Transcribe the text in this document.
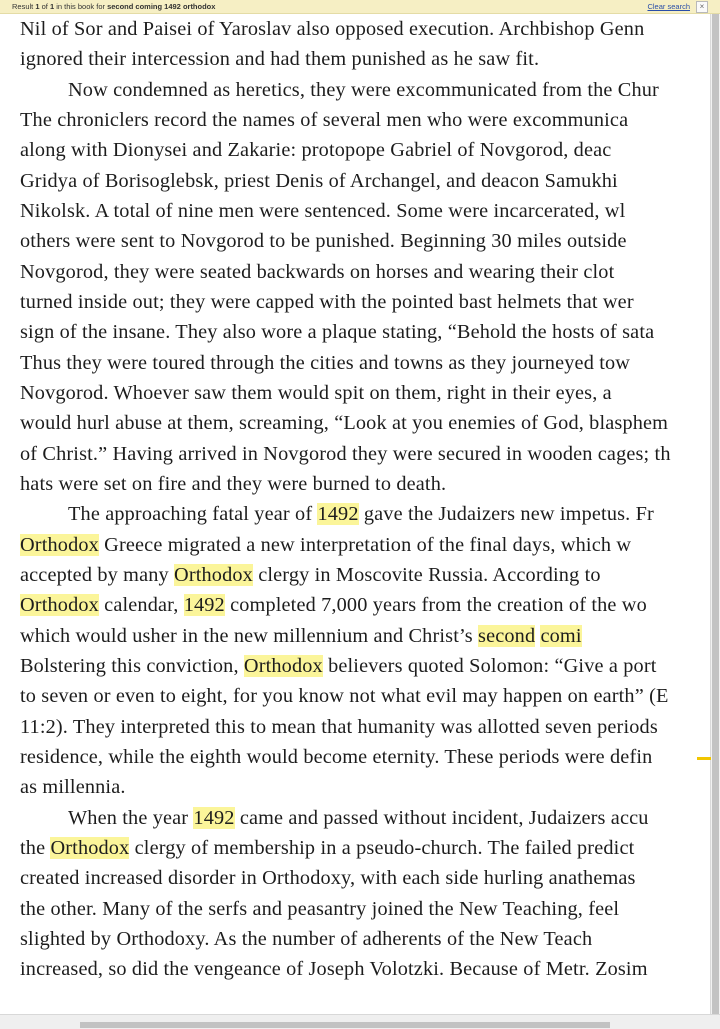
Result 1 of 1 in this book for second coming 1492 orthodox	Clear search	×
Nil of Sor and Paisei of Yaroslav also opposed execution. Archbishop Genn
ignored their intercession and had them punished as he saw fit.
Now condemned as heretics, they were excommunicated from the Chur
The chroniclers record the names of several men who were excommunica
along with Dionysei and Zakarie: protopope Gabriel of Novgorod, deac
Gridya of Borisoglebsk, priest Denis of Archangel, and deacon Samukhi
Nikolsk. A total of nine men were sentenced. Some were incarcerated, wl
others were sent to Novgorod to be punished. Beginning 30 miles outside
Novgorod, they were seated backwards on horses and wearing their clot
turned inside out; they were capped with the pointed bast helmets that wer
sign of the insane. They also wore a plaque stating, “Behold the hosts of sata
Thus they were toured through the cities and towns as they journeyed tow
Novgorod. Whoever saw them would spit on them, right in their eyes, a
would hurl abuse at them, screaming, “Look at you enemies of God, blasphem
of Christ.” Having arrived in Novgorod they were secured in wooden cages; th
hats were set on fire and they were burned to death.
The approaching fatal year of 1492 gave the Judaizers new impetus. Fr
Orthodox Greece migrated a new interpretation of the final days, which w
accepted by many Orthodox clergy in Moscovite Russia. According to
Orthodox calendar, 1492 completed 7,000 years from the creation of the wo
which would usher in the new millennium and Christ’s second comi
Bolstering this conviction, Orthodox believers quoted Solomon: “Give a port
to seven or even to eight, for you know not what evil may happen on earth” (E
11:2). They interpreted this to mean that humanity was allotted seven periods
residence, while the eighth would become eternity. These periods were defin
as millennia.
When the year 1492 came and passed without incident, Judaizers accu
the Orthodox clergy of membership in a pseudo-church. The failed predict
created increased disorder in Orthodoxy, with each side hurling anathemas
the other. Many of the serfs and peasantry joined the New Teaching, feel
slighted by Orthodoxy. As the number of adherents of the New Teach
increased, so did the vengeance of Joseph Volotzki. Because of Metr. Zosim
